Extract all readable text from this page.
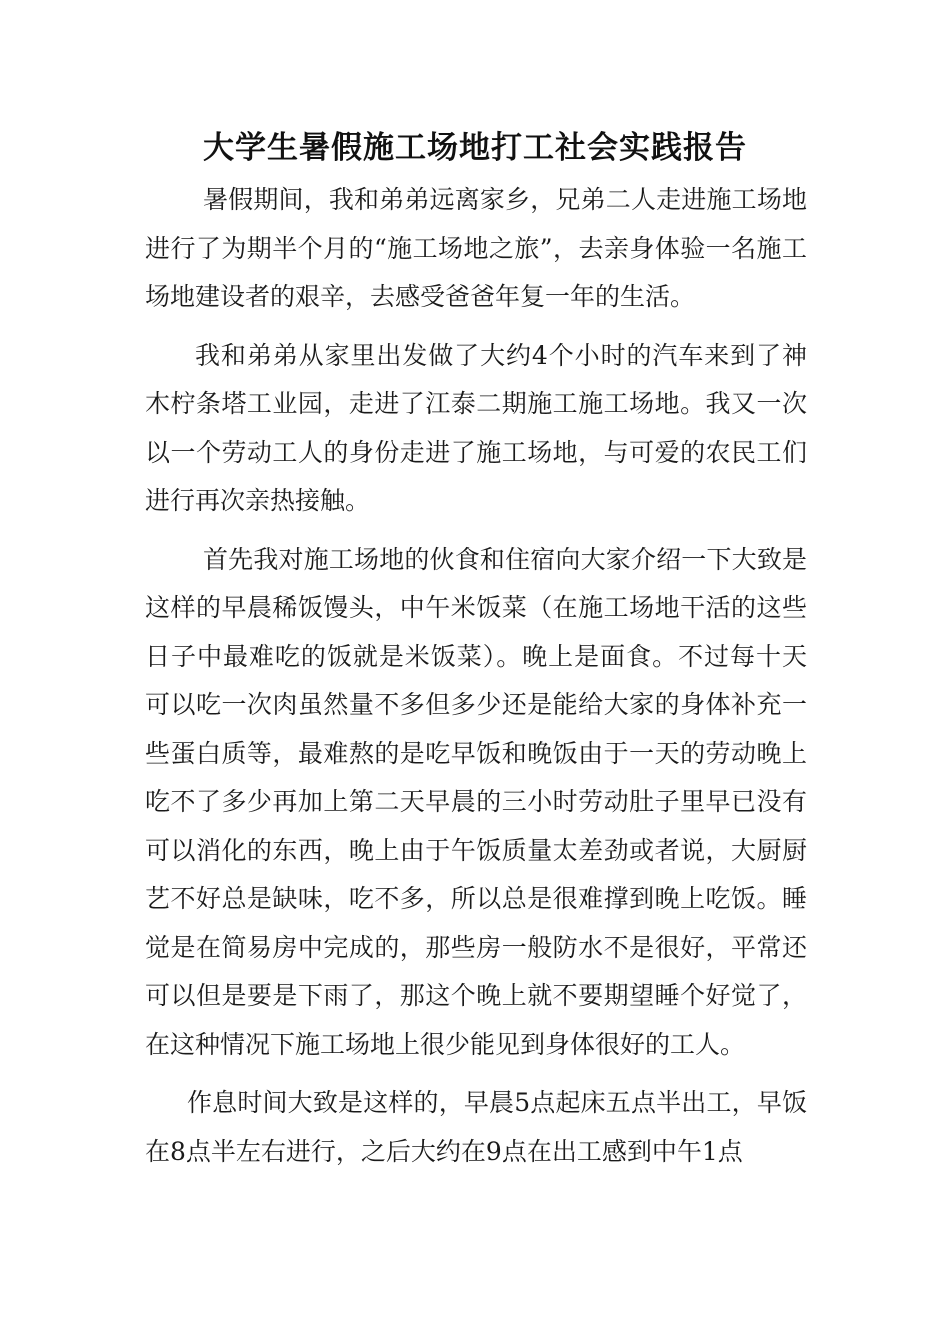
大学生暑假施工场地打工社会实践报告

暑假期间，我和弟弟远离家乡，兄弟二人走进施工场地进行了为期半个月的“施工场地之旅”，去亲身体验一名施工场地建设者的艰辛，去感受爸爸年复一年的生活。

我和弟弟从家里出发做了大约4个小时的汽车来到了神木柠条塔工业园，走进了江泰二期施工施工场地。我又一次以一个劳动工人的身份走进了施工场地，与可爱的农民工们进行再次亲热接触。

首先我对施工场地的伙食和住宿向大家介绍一下大致是这样的早晨稀饭馒头，中午米饭菜（在施工场地干活的这些日子中最难吃的饭就是米饭菜）。晚上是面食。不过每十天可以吃一次肉虽然量不多但多少还是能给大家的身体补充一些蛋白质等，最难熬的是吃早饭和晚饭由于一天的劳动晚上吃不了多少再加上第二天早晨的三小时劳动肚子里早已没有可以消化的东西，晚上由于午饭质量太差劲或者说，大厨厨艺不好总是缺味，吃不多，所以总是很难撑到晚上吃饭。睡觉是在简易房中完成的，那些房一般防水不是很好，平常还可以但是要是下雨了，那这个晚上就不要期望睡个好觉了，在这种情况下施工场地上很少能见到身体很好的工人。

作息时间大致是这样的，早晨5点起床五点半出工，早饭在8点半左右进行，之后大约在9点在出工感到中午1点
